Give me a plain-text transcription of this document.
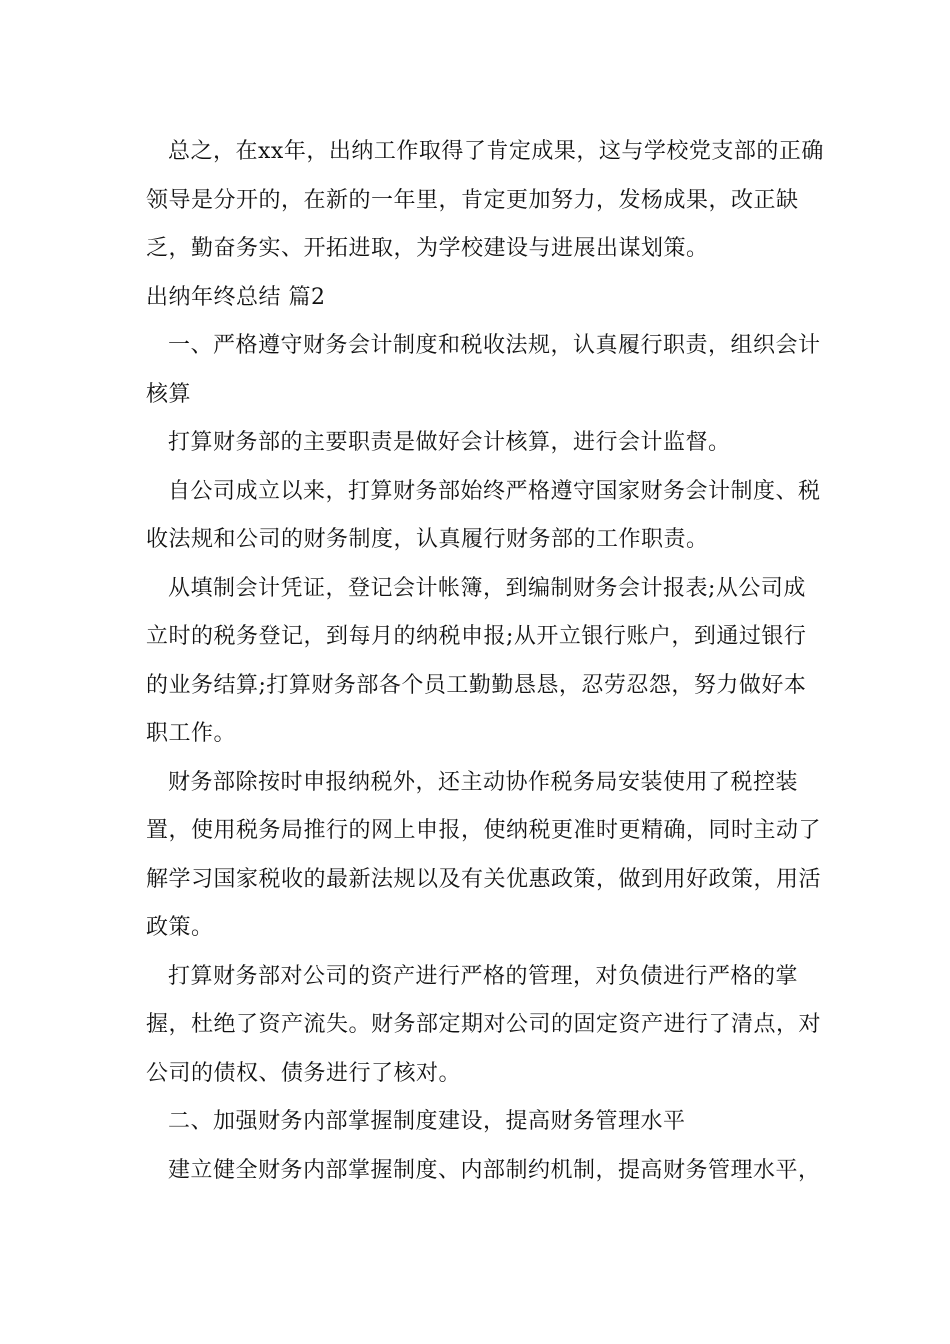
总之，在xx年，出纳工作取得了肯定成果，这与学校党支部的正确领导是分开的，在新的一年里，肯定更加努力，发杨成果，改正缺乏，勤奋务实、开拓进取，为学校建设与进展出谋划策。

出纳年终总结 篇2

一、严格遵守财务会计制度和税收法规，认真履行职责，组织会计核算

打算财务部的主要职责是做好会计核算，进行会计监督。

自公司成立以来，打算财务部始终严格遵守国家财务会计制度、税收法规和公司的财务制度，认真履行财务部的工作职责。

从填制会计凭证，登记会计帐簿，到编制财务会计报表;从公司成立时的税务登记，到每月的纳税申报;从开立银行账户，到通过银行的业务结算;打算财务部各个员工勤勤恳恳，忍劳忍怨，努力做好本职工作。

财务部除按时申报纳税外，还主动协作税务局安装使用了税控装置，使用税务局推行的网上申报，使纳税更准时更精确，同时主动了解学习国家税收的最新法规以及有关优惠政策，做到用好政策，用活政策。

打算财务部对公司的资产进行严格的管理，对负债进行严格的掌握，杜绝了资产流失。财务部定期对公司的固定资产进行了清点，对公司的债权、债务进行了核对。

二、加强财务内部掌握制度建设，提高财务管理水平

建立健全财务内部掌握制度、内部制约机制，提高财务管理水平，
